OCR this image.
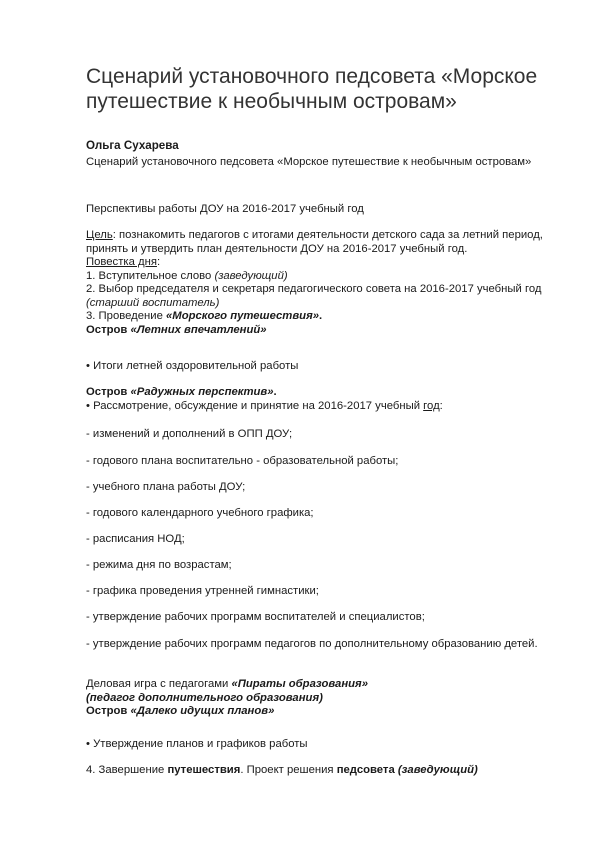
Сценарий установочного педсовета «Морское путешествие к необычным островам»

Ольга Сухарева

Сценарий установочного педсовета «Морское путешествие к необычным островам»

Перспективы работы ДОУ на 2016-2017 учебный год

Цель: познакомить педагогов с итогами деятельности детского сада за летний период, принять и утвердить план деятельности ДОУ на 2016-2017 учебный год.

Повестка дня:

1. Вступительное слово (заведующий)

2. Выбор председателя и секретаря педагогического совета на 2016-2017 учебный год (старший воспитатель)

3. Проведение «Морского путешествия».

Остров «Летних впечатлений»

• Итоги летней оздоровительной работы

Остров «Радужных перспектив».

• Рассмотрение, обсуждение и принятие на 2016-2017 учебный год:

- изменений и дополнений в ОПП ДОУ;
- годового плана воспитательно - образовательной работы;
- учебного плана работы ДОУ;
- годового календарного учебного графика;
- расписания НОД;
- режима дня по возрастам;
- графика проведения утренней гимнастики;
- утверждение рабочих программ воспитателей и специалистов;
- утверждение рабочих программ педагогов по дополнительному образованию детей.

Деловая игра с педагогами «Пираты образования»

(педагог дополнительного образования)

Остров «Далеко идущих планов»

• Утверждение планов и графиков работы
4. Завершение путешествия. Проект решения педсовета (заведующий)
